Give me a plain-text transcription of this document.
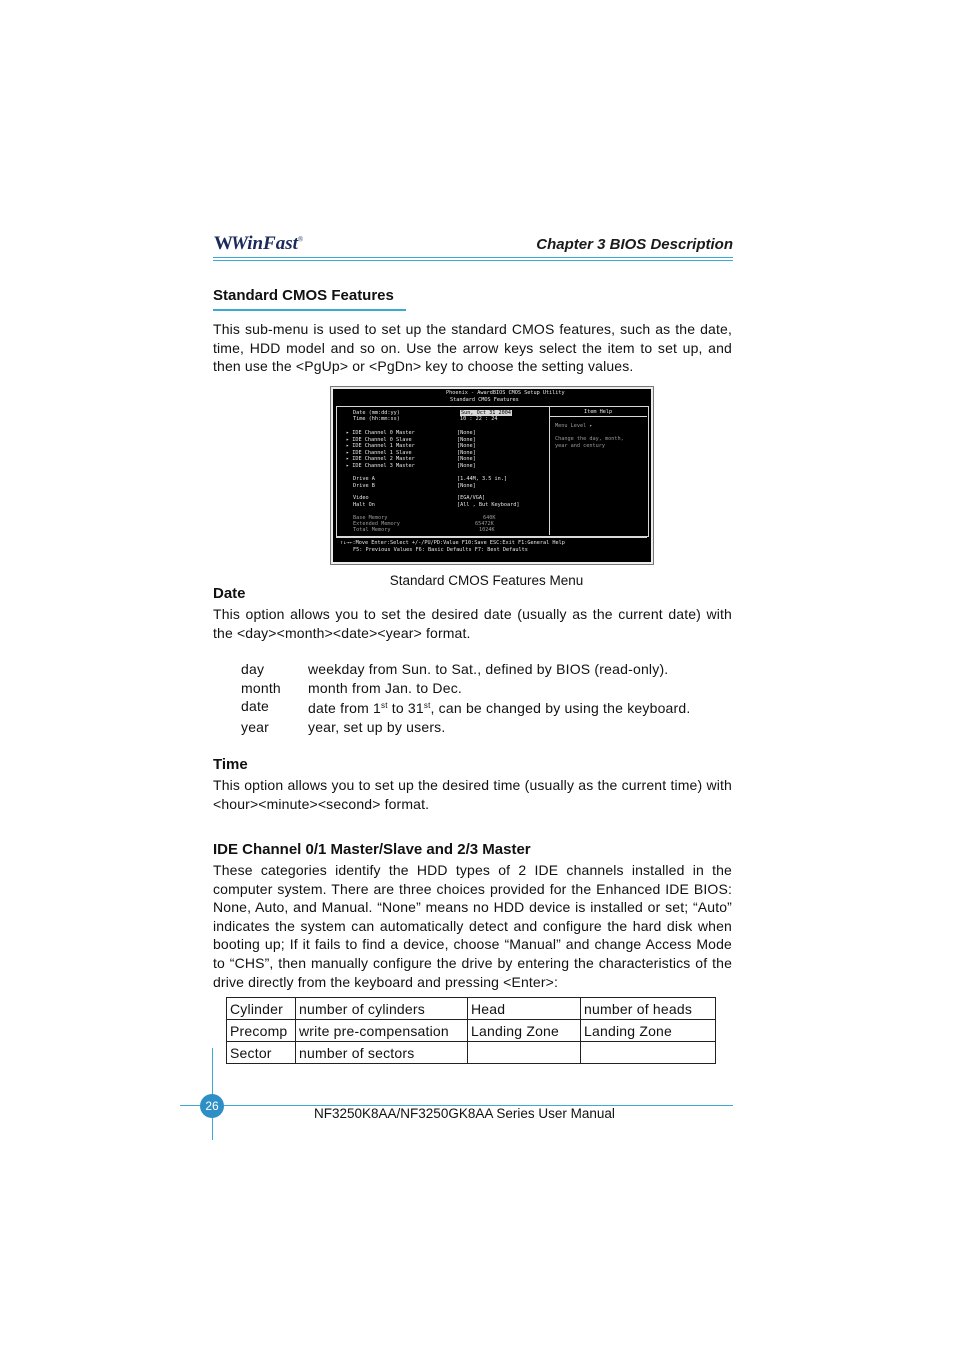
WWinFast®	Chapter 3 BIOS Description
Standard CMOS Features
This sub-menu is used to set up the standard CMOS features, such as the date, time, HDD model and so on. Use the arrow keys select the item to set up, and then use the <PgUp> or <PgDn> key to choose the setting values.
Phoenix - AwardBIOS CMOS Setup Utility
Standard CMOS Features
Date (mm:dd:yy)	Sun, Oct 31 2004
Time (hh:mm:ss)	10 : 22 : 24
▸ IDE Channel 0 Master	[None]
▸ IDE Channel 0 Slave	[None]
▸ IDE Channel 1 Master	[None]
▸ IDE Channel 1 Slave	[None]
▸ IDE Channel 2 Master	[None]
▸ IDE Channel 3 Master	[None]
Drive A	[1.44M, 3.5 in.]
Drive B	[None]
Video	[EGA/VGA]
Halt On	[All , But Keyboard]
Base Memory	640K
Extended Memory	65472K
Total Memory	1024K
Item Help
Menu Level ▸
Change the day, month,
year and century
↑↓→←:Move Enter:Select +/-/PU/PD:Value F10:Save ESC:Exit F1:General Help
F5: Previous Values F6: Basic Defaults F7: Best Defaults
Standard CMOS Features Menu
Date
This option allows you to set the desired date (usually as the current date) with the <day><month><date><year> format.
day	weekday from Sun. to Sat., defined by BIOS (read-only).
month	month from Jan. to Dec.
date	date from 1st to 31st, can be changed by using the keyboard.
year	year, set up by users.
Time
This option allows you to set up the desired time (usually as the current time) with <hour><minute><second> format.
IDE Channel 0/1 Master/Slave and 2/3 Master
These categories identify the HDD types of 2 IDE channels installed in the computer system. There are three choices provided for the Enhanced IDE BIOS: None, Auto, and Manual. “None” means no HDD device is installed or set; “Auto” indicates the system can automatically detect and configure the hard disk when booting up; If it fails to find a device, choose “Manual” and change Access Mode to “CHS”, then manually configure the drive by entering the characteristics of the drive directly from the keyboard and pressing <Enter>:
Cylinder	number of cylinders	Head	number of heads
Precomp	write pre-compensation	Landing Zone	Landing Zone
Sector	number of sectors		
26	NF3250K8AA/NF3250GK8AA Series User Manual
